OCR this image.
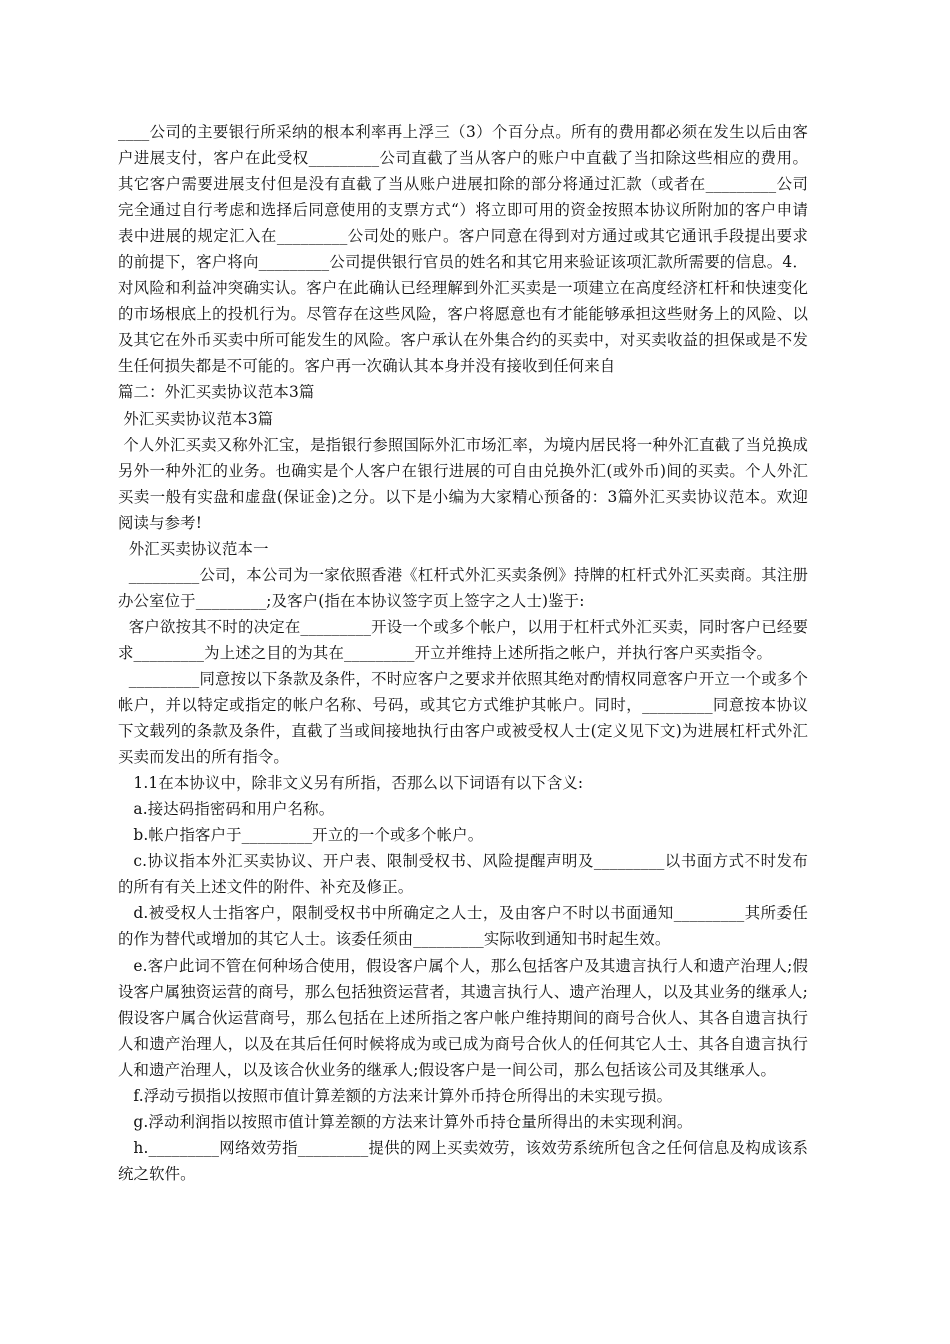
____公司的主要银行所采纳的根本利率再上浮三（3）个百分点。所有的费用都必须在发生以后由客户进展支付，客户在此受权_________公司直截了当从客户的账户中直截了当扣除这些相应的费用。其它客户需要进展支付但是没有直截了当从账户进展扣除的部分将通过汇款（或者在_________公司完全通过自行考虑和选择后同意使用的支票方式“）将立即可用的资金按照本协议所附加的客户申请表中进展的规定汇入在_________公司处的账户。客户同意在得到对方通过或其它通讯手段提出要求的前提下，客户将向_________公司提供银行官员的姓名和其它用来验证该项汇款所需要的信息。4．对风险和利益冲突确实认。客户在此确认已经理解到外汇买卖是一项建立在高度经济杠杆和快速变化的市场根底上的投机行为。尽管存在这些风险，客户将愿意也有才能能够承担这些财务上的风险、以及其它在外币买卖中所可能发生的风险。客户承认在外集合约的买卖中，对买卖收益的担保或是不发生任何损失都是不可能的。客户再一次确认其本身并没有接收到任何来自

篇二：外汇买卖协议范本3篇

外汇买卖协议范本3篇

个人外汇买卖又称外汇宝，是指银行参照国际外汇市场汇率，为境内居民将一种外汇直截了当兑换成另外一种外汇的业务。也确实是个人客户在银行进展的可自由兑换外汇(或外币)间的买卖。个人外汇买卖一般有实盘和虚盘(保证金)之分。以下是小编为大家精心预备的：3篇外汇买卖协议范本。欢迎阅读与参考!

外汇买卖协议范本一

_________公司，本公司为一家依照香港《杠杆式外汇买卖条例》持牌的杠杆式外汇买卖商。其注册办公室位于_________;及客户(指在本协议签字页上签字之人士)鉴于:

客户欲按其不时的决定在_________开设一个或多个帐户，以用于杠杆式外汇买卖，同时客户已经要求_________为上述之目的为其在_________开立并维持上述所指之帐户，并执行客户买卖指令。

_________同意按以下条款及条件，不时应客户之要求并依照其绝对酌情权同意客户开立一个或多个帐户，并以特定或指定的帐户名称、号码，或其它方式维护其帐户。同时，_________同意按本协议下文载列的条款及条件，直截了当或间接地执行由客户或被受权人士(定义见下文)为进展杠杆式外汇买卖而发出的所有指令。

1.1在本协议中，除非文义另有所指，否那么以下词语有以下含义:

a.接达码指密码和用户名称。

b.帐户指客户于_________开立的一个或多个帐户。

c.协议指本外汇买卖协议、开户表、限制受权书、风险提醒声明及_________以书面方式不时发布的所有有关上述文件的附件、补充及修正。

d.被受权人士指客户，限制受权书中所确定之人士，及由客户不时以书面通知_________其所委任的作为替代或增加的其它人士。该委任须由_________实际收到通知书时起生效。

e.客户此词不管在何种场合使用，假设客户属个人，那么包括客户及其遗言执行人和遗产治理人;假设客户属独资运营的商号，那么包括独资运营者，其遗言执行人、遗产治理人，以及其业务的继承人;假设客户属合伙运营商号，那么包括在上述所指之客户帐户维持期间的商号合伙人、其各自遗言执行人和遗产治理人，以及在其后任何时候将成为或已成为商号合伙人的任何其它人士、其各自遗言执行人和遗产治理人，以及该合伙业务的继承人;假设客户是一间公司，那么包括该公司及其继承人。

f.浮动亏损指以按照市值计算差额的方法来计算外币持仓所得出的未实现亏损。

g.浮动利润指以按照市值计算差额的方法来计算外币持仓量所得出的未实现利润。

h._________网络效劳指_________提供的网上买卖效劳，该效劳系统所包含之任何信息及构成该系统之软件。
